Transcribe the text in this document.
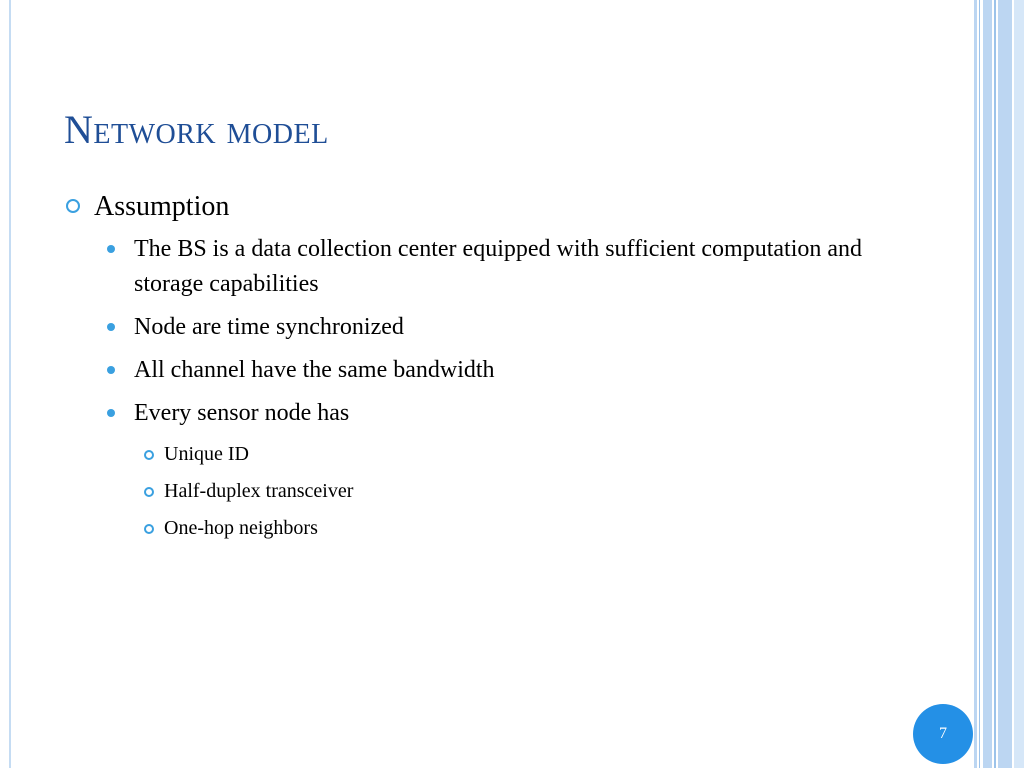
Network model
Assumption
The BS is a data collection center equipped with sufficient computation and storage capabilities
Node are time synchronized
All channel have the same bandwidth
Every sensor node has
Unique ID
Half-duplex transceiver
One-hop neighbors
7
